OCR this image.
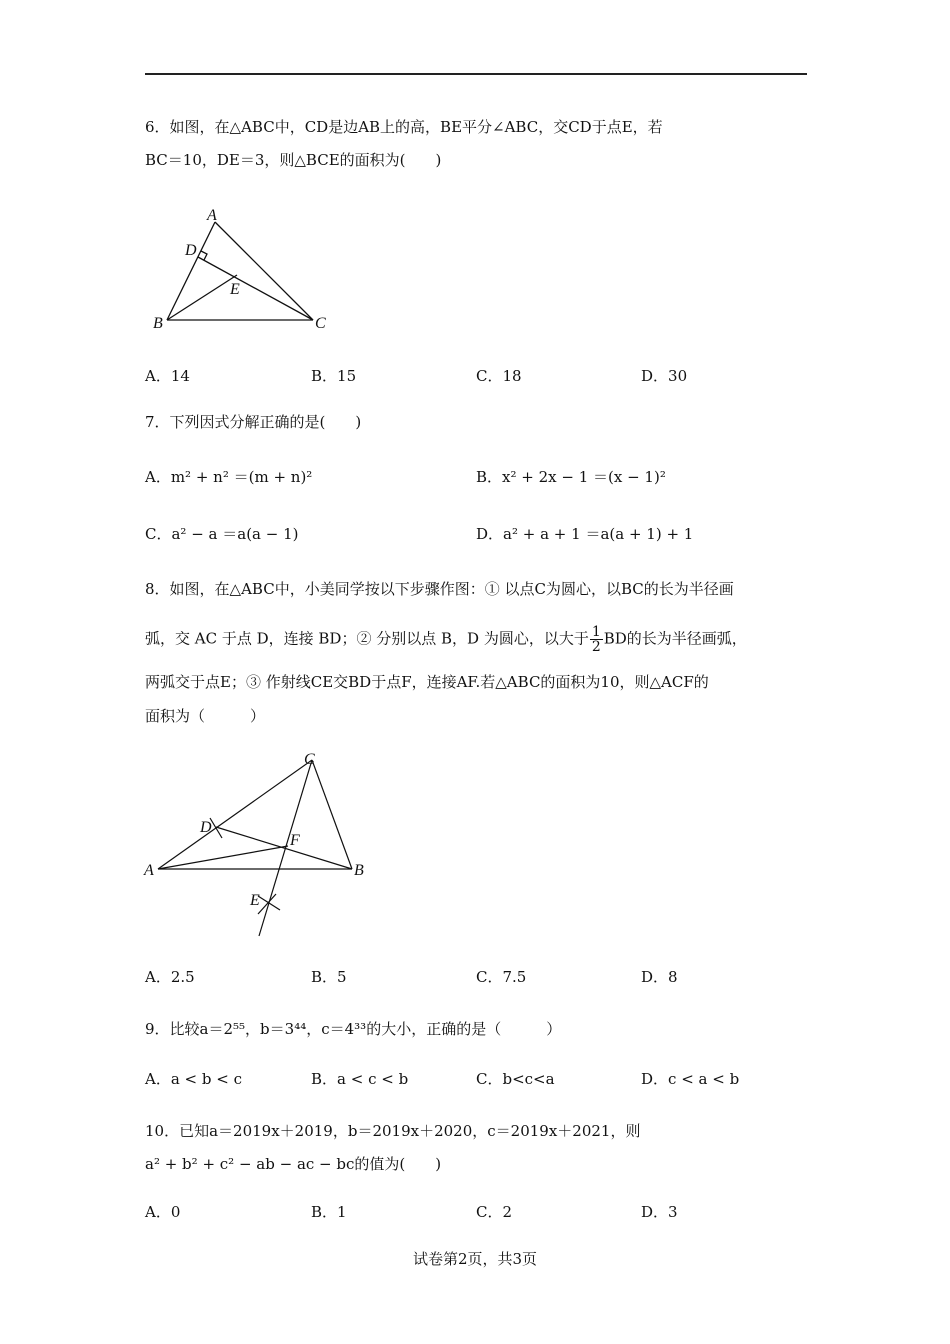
6．如图，在△ABC中，CD是边AB上的高，BE平分∠ABC，交CD于点E，若
BC＝10，DE＝3，则△BCE的面积为(　　)
A
D
E
B	C
A．14	B．15	C．18	D．30
7．下列因式分解正确的是(　　)
A．m² + n² ＝(m + n)²	B．x² + 2x − 1 ＝(x − 1)²
C．a² − a ＝a(a − 1)	D．a² + a + 1 ＝a(a + 1) + 1
8．如图，在△ABC中，小美同学按以下步骤作图：① 以点C为圆心，以BC的长为半径画
弧，交 AC 于点 D，连接 BD；② 分别以点 B，D 为圆心，以大于 $\frac{1}{2}$ BD的长为半径画弧，
两弧交于点E；③ 作射线CE交BD于点F，连接AF.若△ABC的面积为10，则△ACF的
面积为（　　　）
C
D
F
A	B
E
A．2.5	B．5	C．7.5	D．8
9．比较a＝2⁵⁵，b＝3⁴⁴，c＝4³³的大小，正确的是（　　　）
A．a < b < c	B．a < c < b	C．b<c<a	D．c < a < b
10．已知a＝2019x＋2019，b＝2019x＋2020，c＝2019x＋2021，则
a² + b² + c² − ab − ac − bc的值为(　　)
A．0	B．1	C．2	D．3
试卷第2页，共3页
